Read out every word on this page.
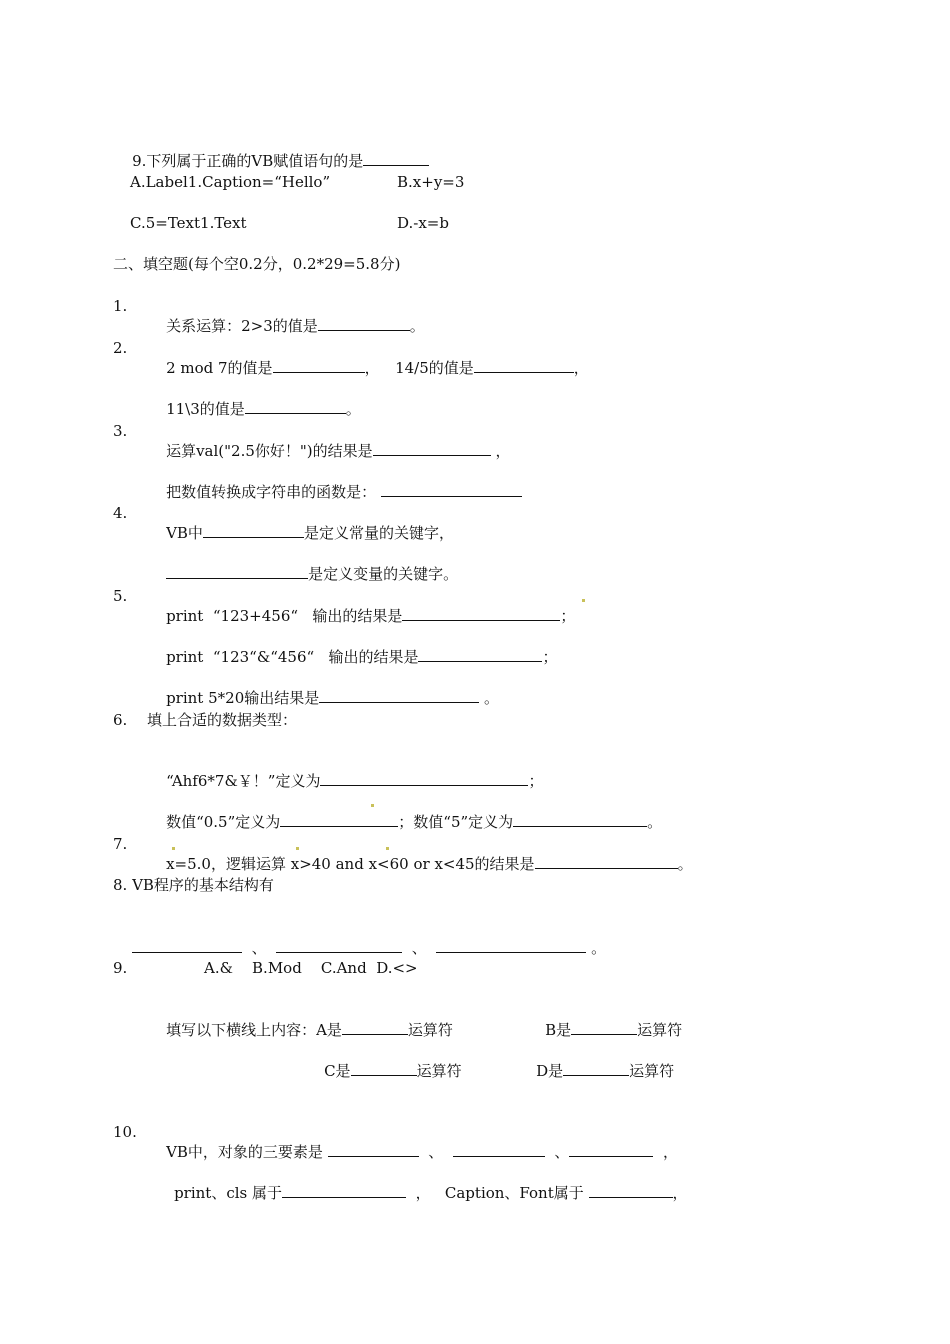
9.下列属于正确的VB赋值语句的是

A.Label1.Caption=“Hello”	B.x+y=3
C.5=Text1.Text	D.-x=b
二、填空题(每个空0.2分，0.2*29=5.8分)
1.

关系运算：2>3的值是	。

2.

2 mod 7的值是	，
	14/5的值是	，

11\3的值是	。

3.

运算val("2.5你好！")的结果是	，

把数值转换成字符串的函数是：

4.

VB中	是定义常量的关键字，

是定义变量的关键字。

5.

print  “123+456“   输出的结果是	；

print  “123“&“456“   输出的结果是	；

print 5*20输出结果是	。

6. 填上合适的数据类型：

“Ahf6*7&￥！”定义为	；

数值“0.5”定义为	；数值“5”定义为	。

7.

x=5.0，逻辑运算 x>40 and x<60 or x<45的结果是	。

8. VB程序的基本结构有

、	、	。

9.	A.&    B.Mod    C.And  D.<>

填写以下横线上内容：A是	运算符
	B是	运算符

C是	运算符
	D是	运算符

10.

VB中，对象的三要素是	、	、	，

print、cls 属于	， Caption、Font属于	，
